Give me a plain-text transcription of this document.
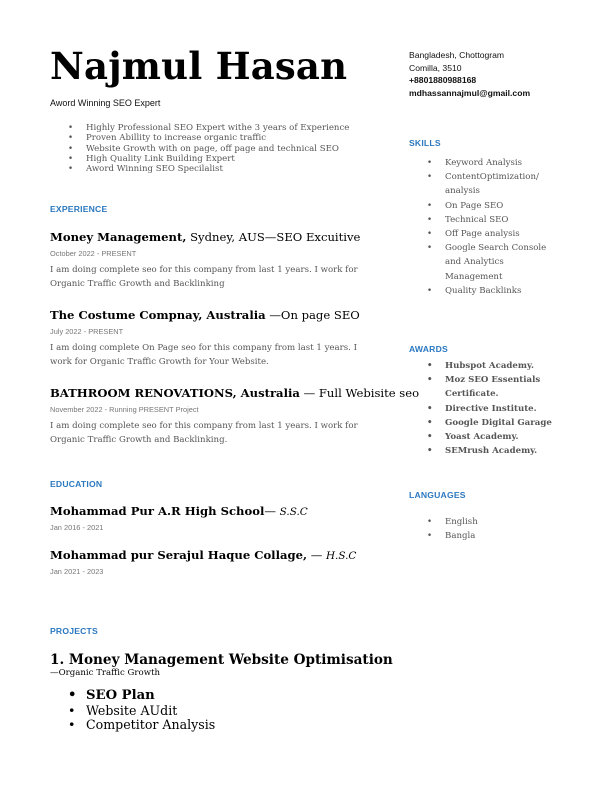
Najmul Hasan
Aword Winning SEO Expert
Bangladesh, Chottogram
Comilla, 3510
+8801880988168
mdhassannajmul@gmail.com
• Highly Professional SEO Expert withe 3 years of Experience
• Proven Abillity to increase organic traffic
• Website Growth with on page, off page and technical SEO
• High Quality Link Building Expert
• Aword Winning SEO Specilalist
EXPERIENCE
Money Management, Sydney, AUS—SEO Excuitive
October 2022 - PRESENT
I am doing complete seo for this company from last 1 years. I work for Organic Traffic Growth and Backlinking
The Costume Compnay, Australia —On page SEO
July 2022 - PRESENT
I am doing complete On Page seo for this company from last 1 years. I work for Organic Traffic Growth for Your Website.
BATHROOM RENOVATIONS, Australia — Full Webisite seo
November 2022 - Running PRESENT Project
I am doing complete seo for this company from last 1 years. I work for Organic Traffic Growth and Backlinking.
EDUCATION
Mohammad Pur A.R High School— S.S.C
Jan 2016 - 2021
Mohammad pur Serajul Haque Collage, — H.S.C
Jan 2021 - 2023
PROJECTS
1. Money Management Website Optimisation
—Organic Traffic Growth
• SEO Plan
• Website AUdit
• Competitor Analysis
SKILLS
• Keyword Analysis
• ContentOptimization/ analysis
• On Page SEO
• Technical SEO
• Off Page analysis
• Google Search Console and Analytics Management
• Quality Backlinks
AWARDS
• Hubspot Academy.
• Moz SEO Essentials Certificate.
• Directive Institute.
• Google Digital Garage
• Yoast Academy.
• SEMrush Academy.
LANGUAGES
• English
• Bangla
